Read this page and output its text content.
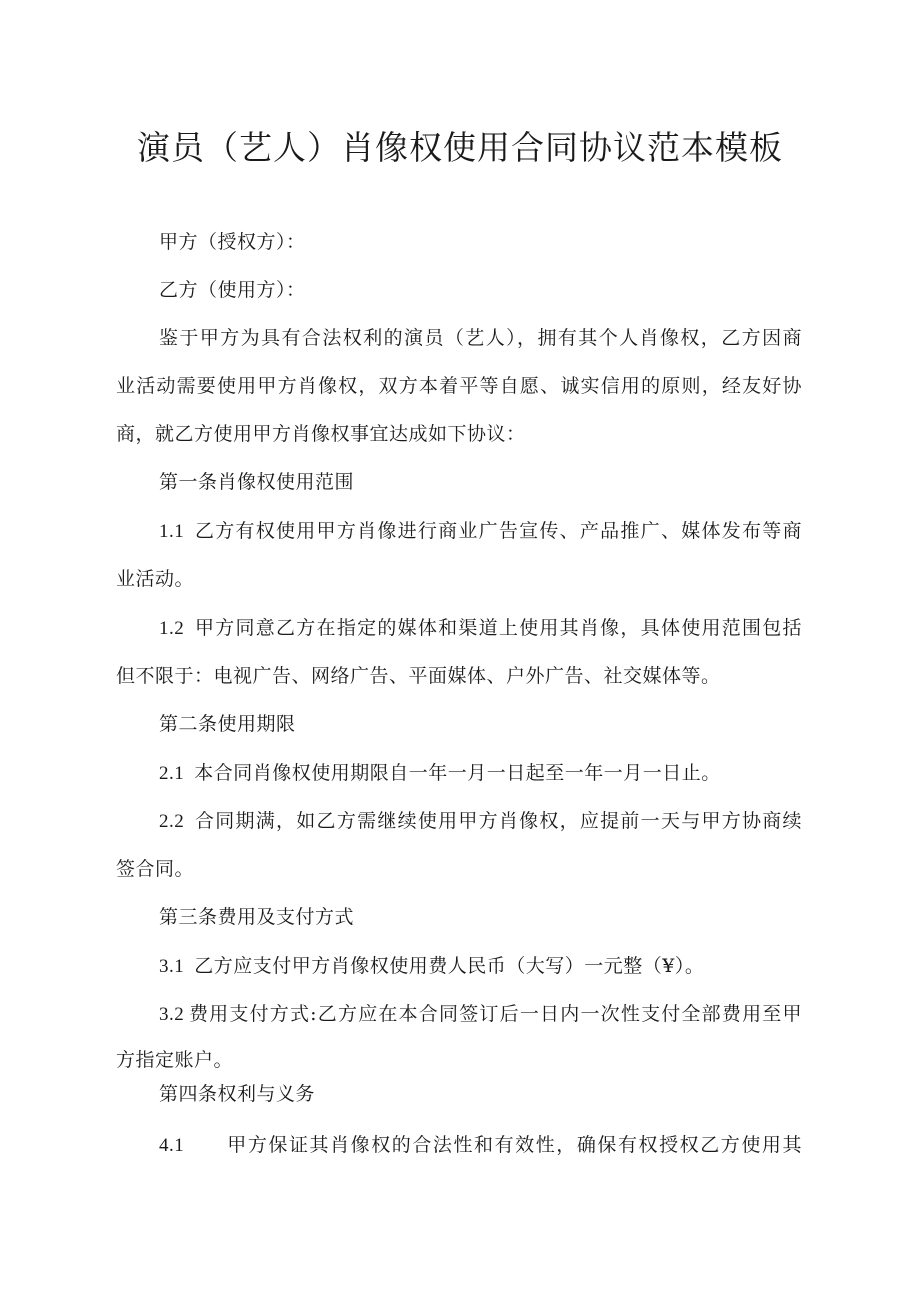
演员（艺人）肖像权使用合同协议范本模板
甲方（授权方）：
乙方（使用方）：
鉴于甲方为具有合法权利的演员（艺人），拥有其个人肖像权，乙方因商
业活动需要使用甲方肖像权，双方本着平等自愿、诚实信用的原则，经友好协
商，就乙方使用甲方肖像权事宜达成如下协议：
第一条肖像权使用范围
1.1 乙方有权使用甲方肖像进行商业广告宣传、产品推广、媒体发布等商
业活动。
1.2 甲方同意乙方在指定的媒体和渠道上使用其肖像，具体使用范围包括
但不限于：电视广告、网络广告、平面媒体、户外广告、社交媒体等。
第二条使用期限
2.1 本合同肖像权使用期限自一年一月一日起至一年一月一日止。
2.2 合同期满，如乙方需继续使用甲方肖像权，应提前一天与甲方协商续
签合同。
第三条费用及支付方式
3.1 乙方应支付甲方肖像权使用费人民币（大写）一元整（¥）。
3.2 费用支付方式:乙方应在本合同签订后一日内一次性支付全部费用至甲
方指定账户。
第四条权利与义务
4.1 甲方保证其肖像权的合法性和有效性，确保有权授权乙方使用其
